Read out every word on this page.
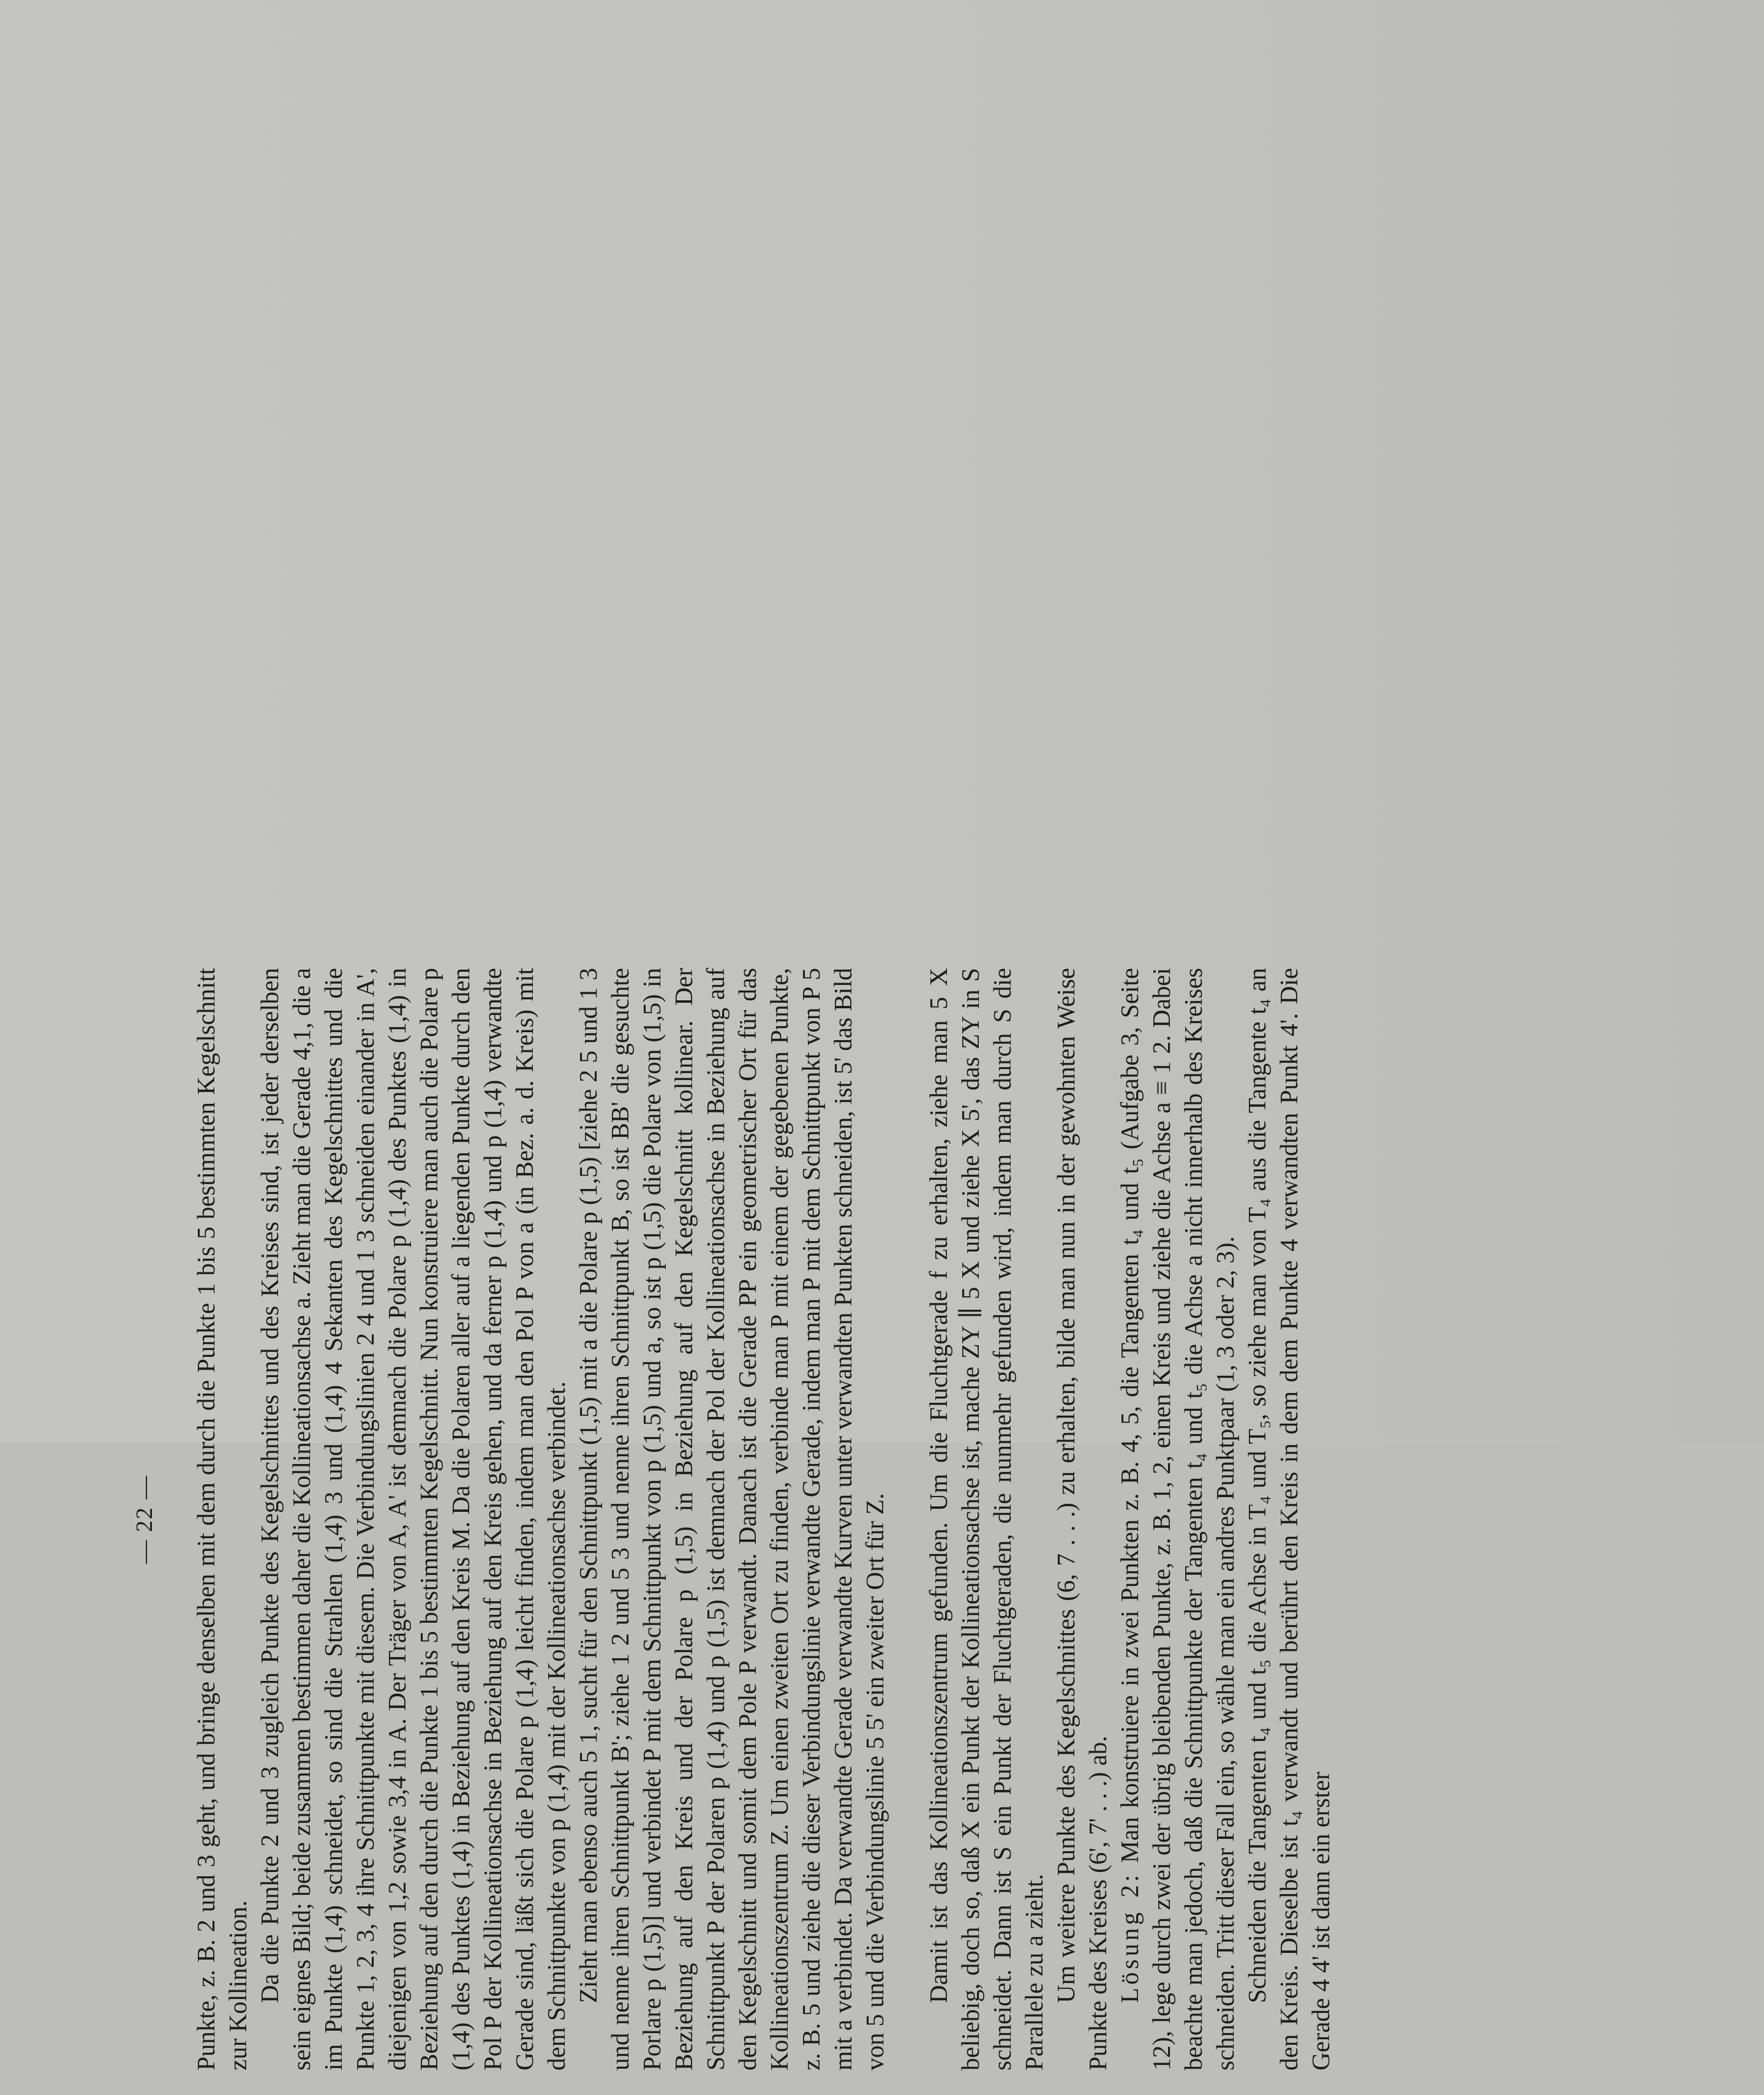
— 22 — Punkte, z. B. 2 und 3 geht, und bringe denselben mit dem durch die Punkte 1 bis 5 bestimmten Kegelschnitt zur Kollineation. Da die Punkte 2 und 3 zugleich Punkte des Kegelschnittes und des Kreises sind, ist jeder derselben sein eignes Bild; beide zusammen bestimmen daher die Kollineationsachse a. Zieht man die Gerade 4,1, die a im Punkte (1,4) schneidet, so sind die Strahlen (1,4) 3 und (1,4) 4 Sekanten des Kegelschnittes und die Punkte 1, 2, 3, 4 ihre Schnittpunkte mit diesem. Die Verbindungslinien 2 4 und 1 3 schneiden einander in A', diejenigen von 1,2 sowie 3,4 in A. Der Träger von A, A' ist demnach die Polare p (1,4) des Punktes (1,4) in Beziehung auf den durch die Punkte 1 bis 5 bestimmten Kegelschnitt. Nun konstruiere man auch die Polare p (1,4) des Punktes (1,4) in Beziehung auf den Kreis M. Da die Polaren aller auf a liegenden Punkte durch den Pol P der Kollineationsachse in Beziehung auf den Kreis gehen, und da ferner p (1,4) und p (1,4) verwandte Gerade sind, läßt sich die Polare p (1,4) leicht finden, indem man den Pol P von a (in Bez. a. d. Kreis) mit dem Schnittpunkte von p (1,4) mit der Kollineationsachse verbindet. Zieht man ebenso auch 5 1, sucht für den Schnittpunkt (1,5) mit a die Polare p (1,5) [ziehe 2 5 und 1 3 und nenne ihren Schnittpunkt B'; ziehe 1 2 und 5 3 und nenne ihren Schnittpunkt B, so ist BB' die gesuchte Porlare p (1,5)] und verbindet P mit dem Schnittpunkt von p (1,5) und a, so ist p (1,5) die Polare von (1,5) in Beziehung auf den Kreis und der Polare p (1,5) in Beziehung auf den Kegelschnitt kollinear. Der Schnittpunkt P der Polaren p (1,4) und p (1,5) ist demnach der Pol der Kollineationsachse in Beziehung auf den Kegelschnitt und somit dem Pole P verwandt. Danach ist die Gerade PP ein geometrischer Ort für das Kollineationszentrum Z. Um einen zweiten Ort zu finden, verbinde man P mit einem der gegebenen Punkte, z. B. 5 und ziehe die dieser Verbindungslinie verwandte Gerade, indem man P mit dem Schnittpunkt von P 5 mit a verbindet. Da verwandte Gerade verwandte Kurven unter verwandten Punkten schneiden, ist 5' das Bild von 5 und die Verbindungslinie 5 5' ein zweiter Ort für Z. Damit ist das Kollineationszentrum gefunden. Um die Fluchtgerade f zu erhalten, ziehe man 5 X beliebig, doch so, daß X ein Punkt der Kollineationsachse ist, mache ZY ∥ 5 X und ziehe X 5', das ZY in S schneidet. Dann ist S ein Punkt der Fluchtgeraden, die nunmehr gefunden wird, indem man durch S die Parallele zu a zieht. Um weitere Punkte des Kegelschnittes (6, 7 . . .) zu erhalten, bilde man nun in der gewohnten Weise Punkte des Kreises (6', 7' . . .) ab. Lösung 2: Man konstruiere in zwei Punkten z. B. 4, 5, die Tangenten t₄ und t₅ (Aufgabe 3, Seite 12), lege durch zwei der übrig bleibenden Punkte, z. B. 1, 2, einen Kreis und ziehe die Achse a ≡ 1 2. Dabei beachte man jedoch, daß die Schnittpunkte der Tangenten t₄ und t₅ die Achse a nicht innerhalb des Kreises schneiden. Tritt dieser Fall ein, so wähle man ein andres Punktpaar (1, 3 oder 2, 3). Schneiden die Tangenten t₄ und t₅ die Achse in T₄ und T₅, so ziehe man von T₄ aus die Tangente t₄ an den Kreis. Dieselbe ist t₄ verwandt und berührt den Kreis in dem dem Punkte 4 verwandten Punkt 4'. Die Gerade 4 4' ist dann ein erster
